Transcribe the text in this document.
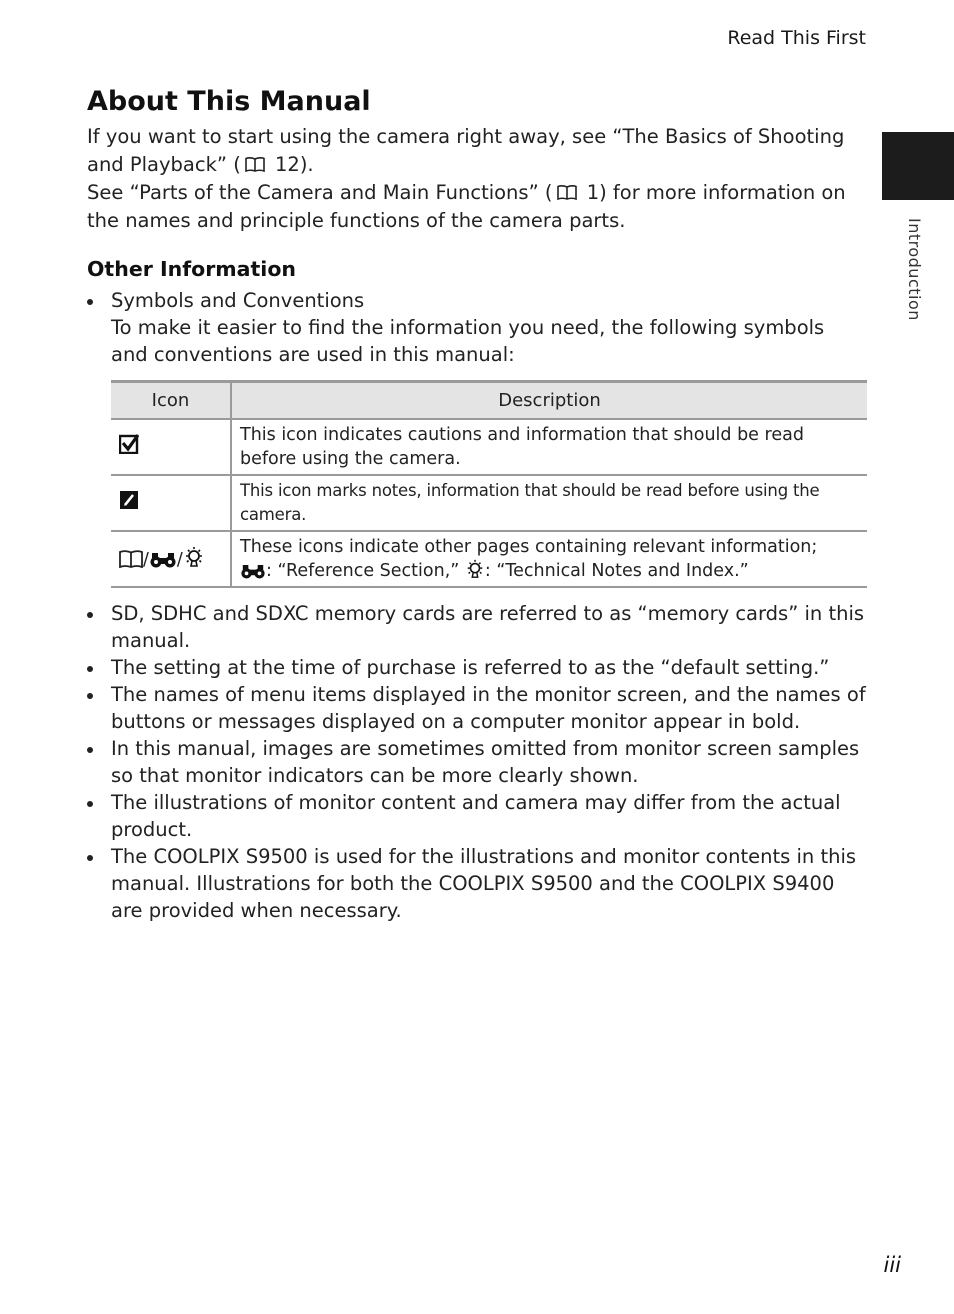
Read This First
Introduction
About This Manual

If you want to start using the camera right away, see “The Basics of Shooting and Playback” ( 12).

See “Parts of the Camera and Main Functions” ( 1) for more information on the names and principle functions of the camera parts.

Other Information
Symbols and Conventions
To make it easier to find the information you need, the following symbols and conventions are used in this manual:
Icon	Description
	This icon indicates cautions and information that should be read before using the camera.
	This icon marks notes, information that should be read before using the camera.
/ /	These icons indicate other pages containing relevant information;
: “Reference Section,” : “Technical Notes and Index.”
SD, SDHC and SDXC memory cards are referred to as “memory cards” in this manual.
The setting at the time of purchase is referred to as the “default setting.”
The names of menu items displayed in the monitor screen, and the names of buttons or messages displayed on a computer monitor appear in bold.
In this manual, images are sometimes omitted from monitor screen samples so that monitor indicators can be more clearly shown.
The illustrations of monitor content and camera may differ from the actual product.
The COOLPIX S9500 is used for the illustrations and monitor contents in this manual. Illustrations for both the COOLPIX S9500 and the COOLPIX S9400 are provided when necessary.
iii
